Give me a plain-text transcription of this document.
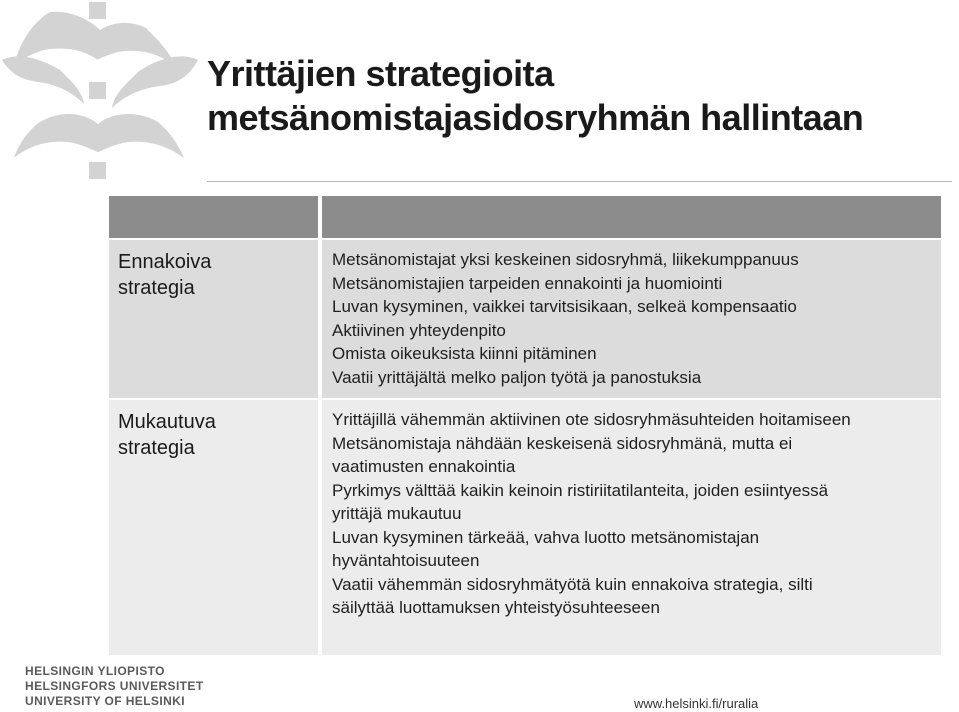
Yrittäjien strategioita
metsänomistajasidosryhmän hallintaan
Ennakoiva
strategia
Metsänomistajat yksi keskeinen sidosryhmä, liikekumppanuus
Metsänomistajien tarpeiden ennakointi ja huomiointi
Luvan kysyminen, vaikkei tarvitsisikaan, selkeä kompensaatio
Aktiivinen yhteydenpito
Omista oikeuksista kiinni pitäminen
Vaatii yrittäjältä melko paljon työtä ja panostuksia
Mukautuva
strategia
Yrittäjillä vähemmän aktiivinen ote sidosryhmäsuhteiden hoitamiseen
Metsänomistaja nähdään keskeisenä sidosryhmänä, mutta ei
vaatimusten ennakointia
Pyrkimys välttää kaikin keinoin ristiriitatilanteita, joiden esiintyessä
yrittäjä mukautuu
Luvan kysyminen tärkeää, vahva luotto metsänomistajan
hyväntahtoisuuteen
Vaatii vähemmän sidosryhmätyötä kuin ennakoiva strategia, silti
säilyttää luottamuksen yhteistyösuhteeseen
HELSINGIN YLIOPISTO
HELSINGFORS UNIVERSITET
UNIVERSITY OF HELSINKI	www.helsinki.fi/ruralia
